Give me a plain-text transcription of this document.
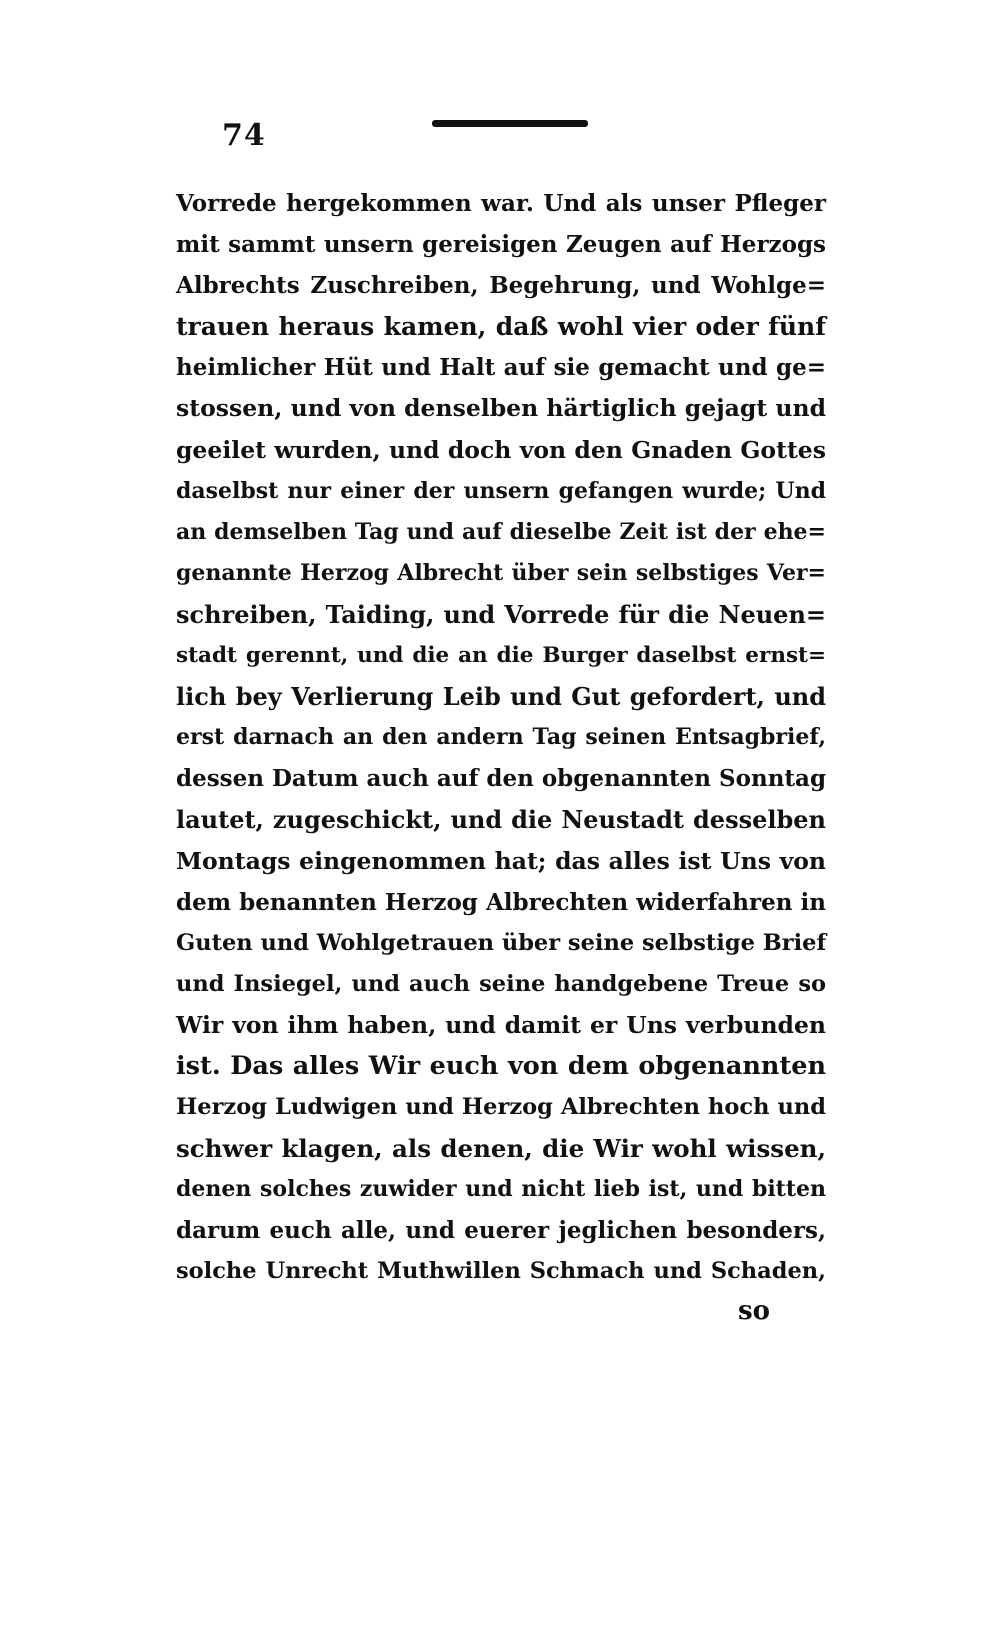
74
Vorrede hergekommen war. Und als unser Pfleger
mit sammt unsern gereisigen Zeugen auf Herzogs
Albrechts Zuschreiben, Begehrung, und Wohlge=
trauen heraus kamen, daß wohl vier oder fünf
heimlicher Hüt und Halt auf sie gemacht und ge=
stossen, und von denselben härtiglich gejagt und
geeilet wurden, und doch von den Gnaden Gottes
daselbst nur einer der unsern gefangen wurde; Und
an demselben Tag und auf dieselbe Zeit ist der ehe=
genannte Herzog Albrecht über sein selbstiges Ver=
schreiben, Taiding, und Vorrede für die Neuen=
stadt gerennt, und die an die Burger daselbst ernst=
lich bey Verlierung Leib und Gut gefordert, und
erst darnach an den andern Tag seinen Entsagbrief,
dessen Datum auch auf den obgenannten Sonntag
lautet, zugeschickt, und die Neustadt desselben
Montags eingenommen hat; das alles ist Uns von
dem benannten Herzog Albrechten widerfahren in
Guten und Wohlgetrauen über seine selbstige Brief
und Insiegel, und auch seine handgebene Treue so
Wir von ihm haben, und damit er Uns verbunden
ist. Das alles Wir euch von dem obgenannten
Herzog Ludwigen und Herzog Albrechten hoch und
schwer klagen, als denen, die Wir wohl wissen,
denen solches zuwider und nicht lieb ist, und bitten
darum euch alle, und euerer jeglichen besonders,
solche Unrecht Muthwillen Schmach und Schaden,
so
